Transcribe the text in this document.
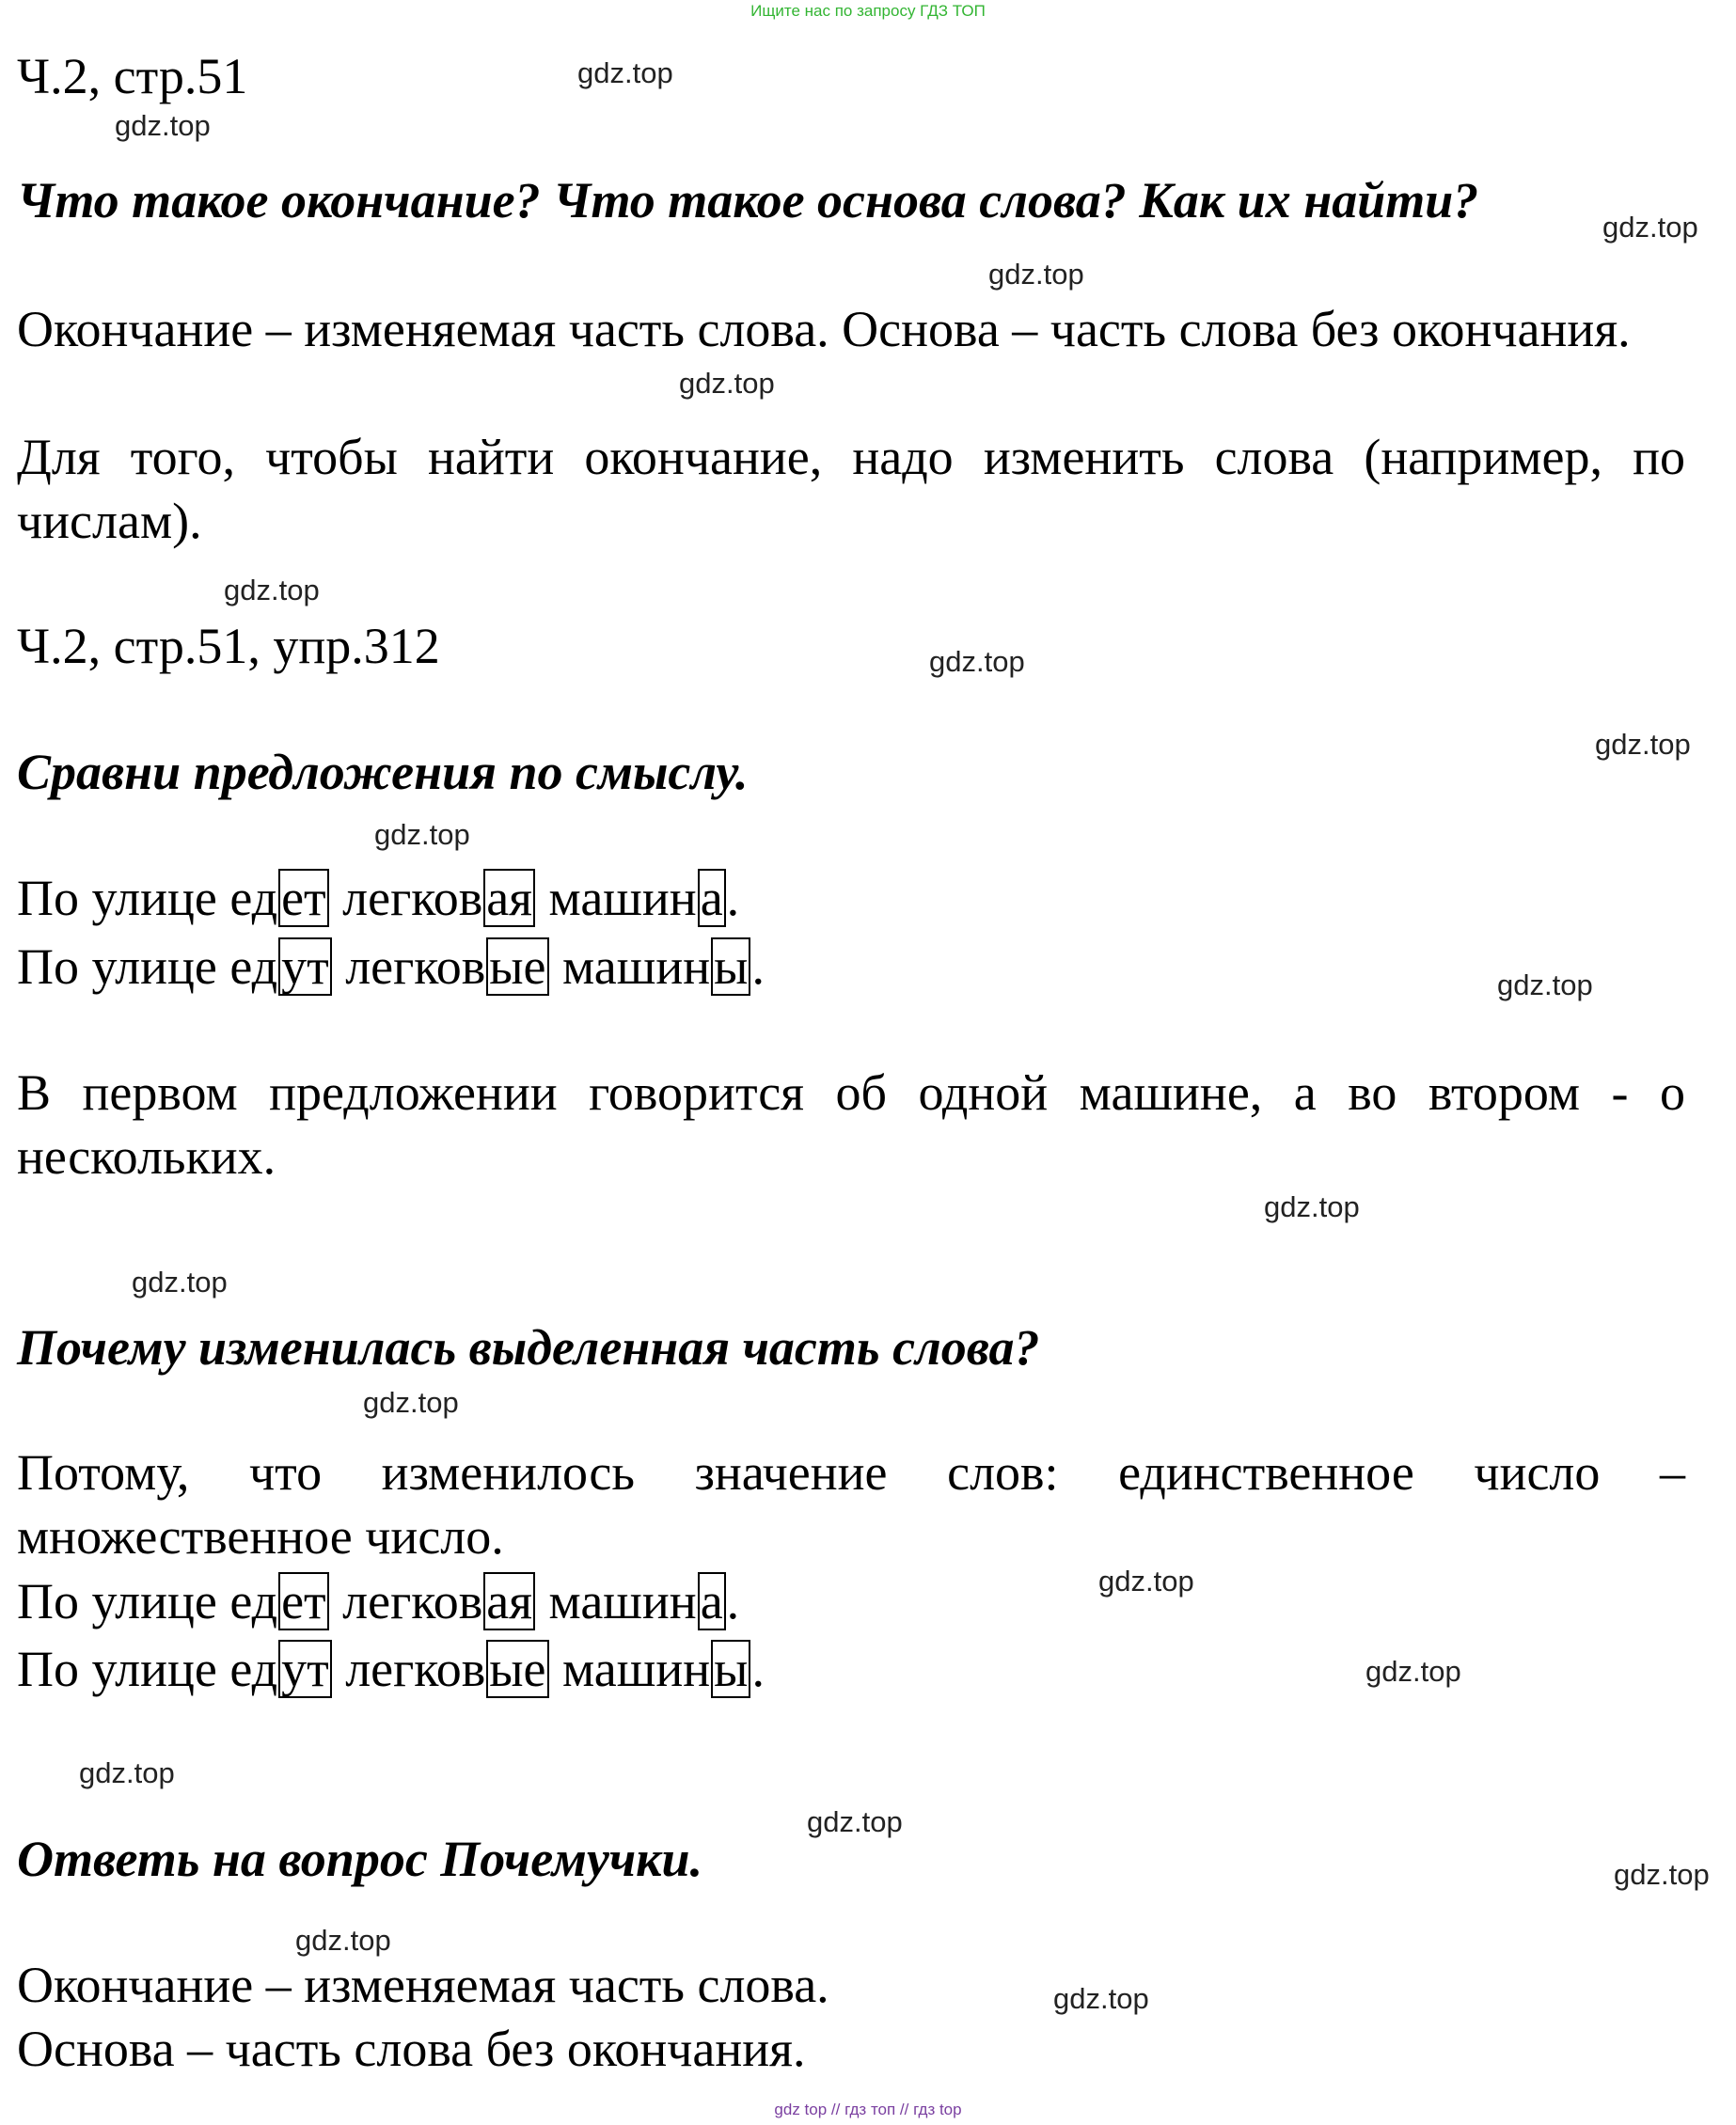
Ищите нас по запросу ГДЗ ТОП
Ч.2, стр.51
Что такое окончание? Что такое основа слова? Как их найти?
Окончание – изменяемая часть слова. Основа – часть слова без окончания.
Для того, чтобы найти окончание, надо изменить слова (например, по числам).
Ч.2, стр.51, упр.312
Сравни предложения по смыслу.
По улице едет легковая машина.
По улице едут легковые машины.
В первом предложении говорится об одной машине, а во втором - о нескольких.
Почему изменилась выделенная часть слова?
Потому, что изменилось значение слов: единственное число – множественное число.
По улице едет легковая машина.
По улице едут легковые машины.
Ответь на вопрос Почемучки.
Окончание – изменяемая часть слова.
Основа – часть слова без окончания.
gdz.top
gdz.top
gdz.top
gdz.top
gdz.top
gdz.top
gdz.top
gdz.top
gdz.top
gdz.top
gdz.top
gdz.top
gdz.top
gdz.top
gdz.top
gdz.top
gdz.top
gdz.top
gdz.top
gdz.top
gdz top // гдз топ // гдз top
